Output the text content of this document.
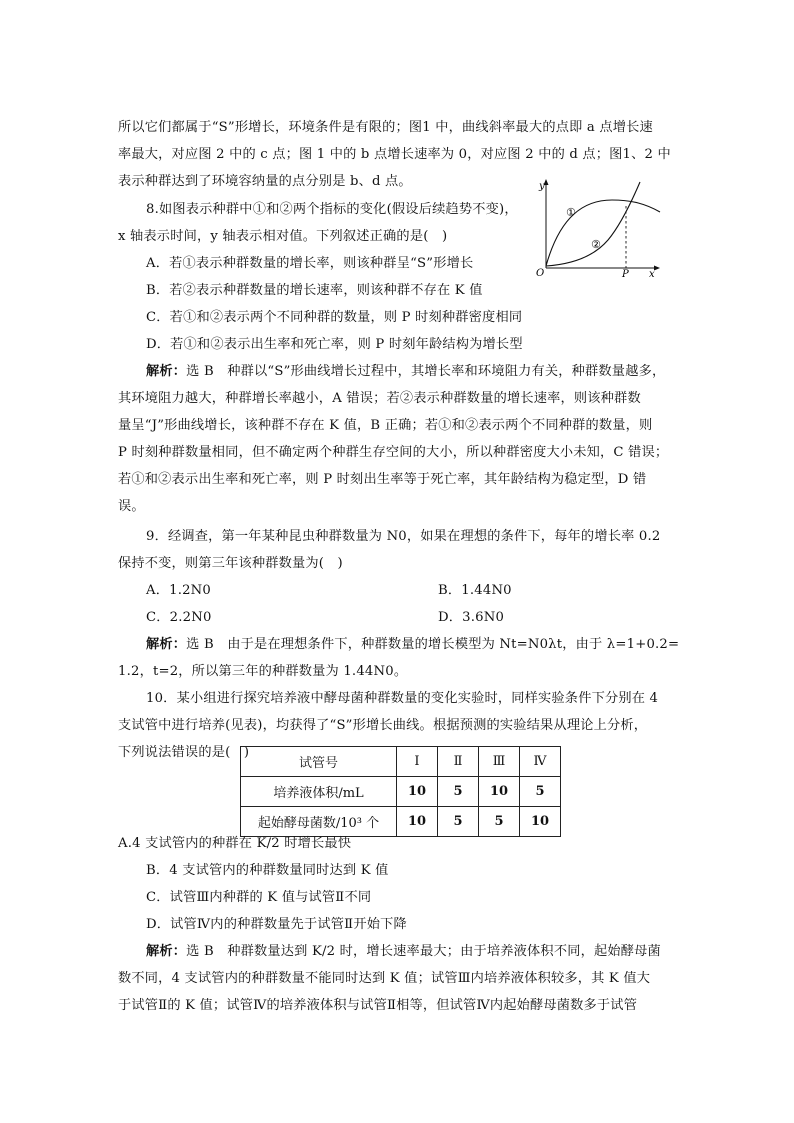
所以它们都属于“S”形增长，环境条件是有限的；图1 中，曲线斜率最大的点即 a 点增长速
率最大，对应图 2 中的 c 点；图 1 中的 b 点增长速率为 0，对应图 2 中的 d 点；图1、2 中
表示种群达到了环境容纳量的点分别是 b、d 点。
8.如图表示种群中①和②两个指标的变化(假设后续趋势不变)，
x 轴表示时间，y 轴表示相对值。下列叙述正确的是(　)
A．若①表示种群数量的增长率，则该种群呈“S”形增长
B．若②表示种群数量的增长速率，则该种群不存在 K 值
C．若①和②表示两个不同种群的数量，则 P 时刻种群密度相同
D．若①和②表示出生率和死亡率，则 P 时刻年龄结构为增长型
O
y
x
P
①
②
解析：选 B　种群以“S”形曲线增长过程中，其增长率和环境阻力有关，种群数量越多，
其环境阻力越大，种群增长率越小，A 错误；若②表示种群数量的增长速率，则该种群数
量呈“J”形曲线增长，该种群不存在 K 值，B 正确；若①和②表示两个不同种群的数量，则
P 时刻种群数量相同，但不确定两个种群生存空间的大小，所以种群密度大小未知，C 错误；
若①和②表示出生率和死亡率，则 P 时刻出生率等于死亡率，其年龄结构为稳定型，D 错
误。
9．经调查，第一年某种昆虫种群数量为 N0，如果在理想的条件下，每年的增长率 0.2
保持不变，则第三年该种群数量为(　)
A．1.2N0	B．1.44N0
C．2.2N0	D．3.6N0
解析：选 B　由于是在理想条件下，种群数量的增长模型为 Nt=N0λt，由于 λ=1+0.2=
1.2，t=2，所以第三年的种群数量为 1.44N0。
10．某小组进行探究培养液中酵母菌种群数量的变化实验时，同样实验条件下分别在 4
支试管中进行培养(见表)，均获得了“S”形增长曲线。根据预测的实验结果从理论上分析，
下列说法错误的是(　)
试管号	Ⅰ	Ⅱ	Ⅲ	Ⅳ
培养液体积/mL	10	5	10	5
起始酵母菌数/10³ 个	10	5	5	10
A.4 支试管内的种群在 K/2 时增长最快
B．4 支试管内的种群数量同时达到 K 值
C．试管Ⅲ内种群的 K 值与试管Ⅱ不同
D．试管Ⅳ内的种群数量先于试管Ⅱ开始下降
解析：选 B　种群数量达到 K/2 时，增长速率最大；由于培养液体积不同，起始酵母菌
数不同，4 支试管内的种群数量不能同时达到 K 值；试管Ⅲ内培养液体积较多，其 K 值大
于试管Ⅱ的 K 值；试管Ⅳ的培养液体积与试管Ⅱ相等，但试管Ⅳ内起始酵母菌数多于试管
